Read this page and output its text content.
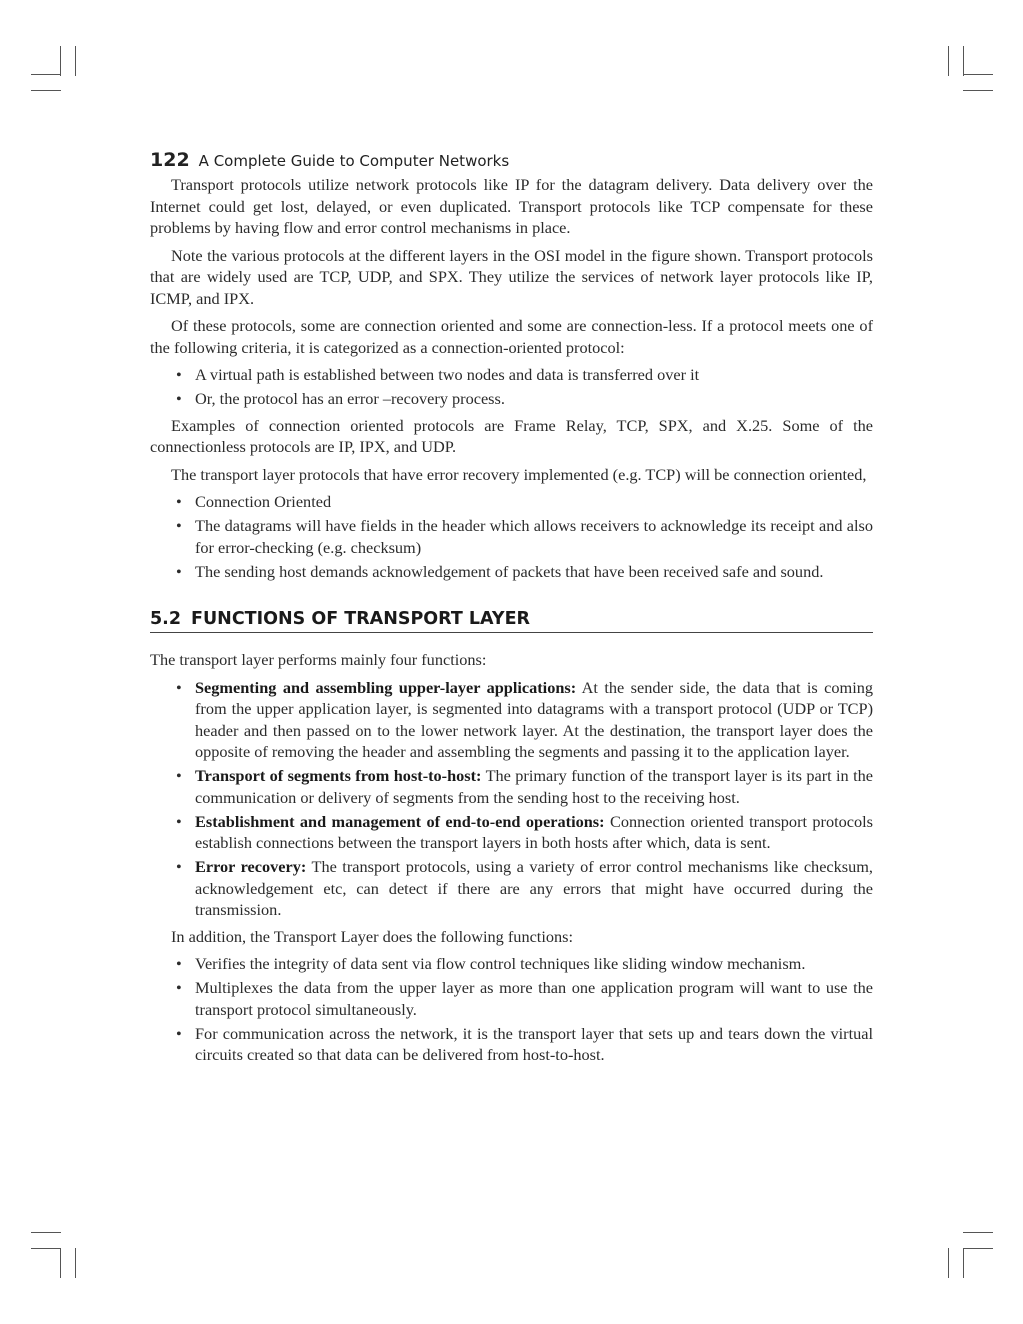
122 A Complete Guide to Computer Networks

Transport protocols utilize network protocols like IP for the datagram delivery. Data delivery over the Internet could get lost, delayed, or even duplicated. Transport protocols like TCP compensate for these problems by having flow and error control mechanisms in place.

Note the various protocols at the different layers in the OSI model in the figure shown. Transport protocols that are widely used are TCP, UDP, and SPX. They utilize the services of network layer protocols like IP, ICMP, and IPX.

Of these protocols, some are connection oriented and some are connection-less. If a protocol meets one of the following criteria, it is categorized as a connection-oriented protocol:

• A virtual path is established between two nodes and data is transferred over it
• Or, the protocol has an error –recovery process.

Examples of connection oriented protocols are Frame Relay, TCP, SPX, and X.25. Some of the connectionless protocols are IP, IPX, and UDP.

The transport layer protocols that have error recovery implemented (e.g. TCP) will be connection oriented,

• Connection Oriented
• The datagrams will have fields in the header which allows receivers to acknowledge its receipt and also for error-checking (e.g. checksum)
• The sending host demands acknowledgement of packets that have been received safe and sound.
5.2 FUNCTIONS OF TRANSPORT LAYER

The transport layer performs mainly four functions:

• Segmenting and assembling upper-layer applications: At the sender side, the data that is coming from the upper application layer, is segmented into datagrams with a transport protocol (UDP or TCP) header and then passed on to the lower network layer. At the destination, the transport layer does the opposite of removing the header and assembling the segments and passing it to the application layer.
• Transport of segments from host-to-host: The primary function of the transport layer is its part in the communication or delivery of segments from the sending host to the receiving host.
• Establishment and management of end-to-end operations: Connection oriented transport protocols establish connections between the transport layers in both hosts after which, data is sent.
• Error recovery: The transport protocols, using a variety of error control mechanisms like checksum, acknowledgement etc, can detect if there are any errors that might have occurred during the transmission.

In addition, the Transport Layer does the following functions:

• Verifies the integrity of data sent via flow control techniques like sliding window mechanism.
• Multiplexes the data from the upper layer as more than one application program will want to use the transport protocol simultaneously.
• For communication across the network, it is the transport layer that sets up and tears down the virtual circuits created so that data can be delivered from host-to-host.
